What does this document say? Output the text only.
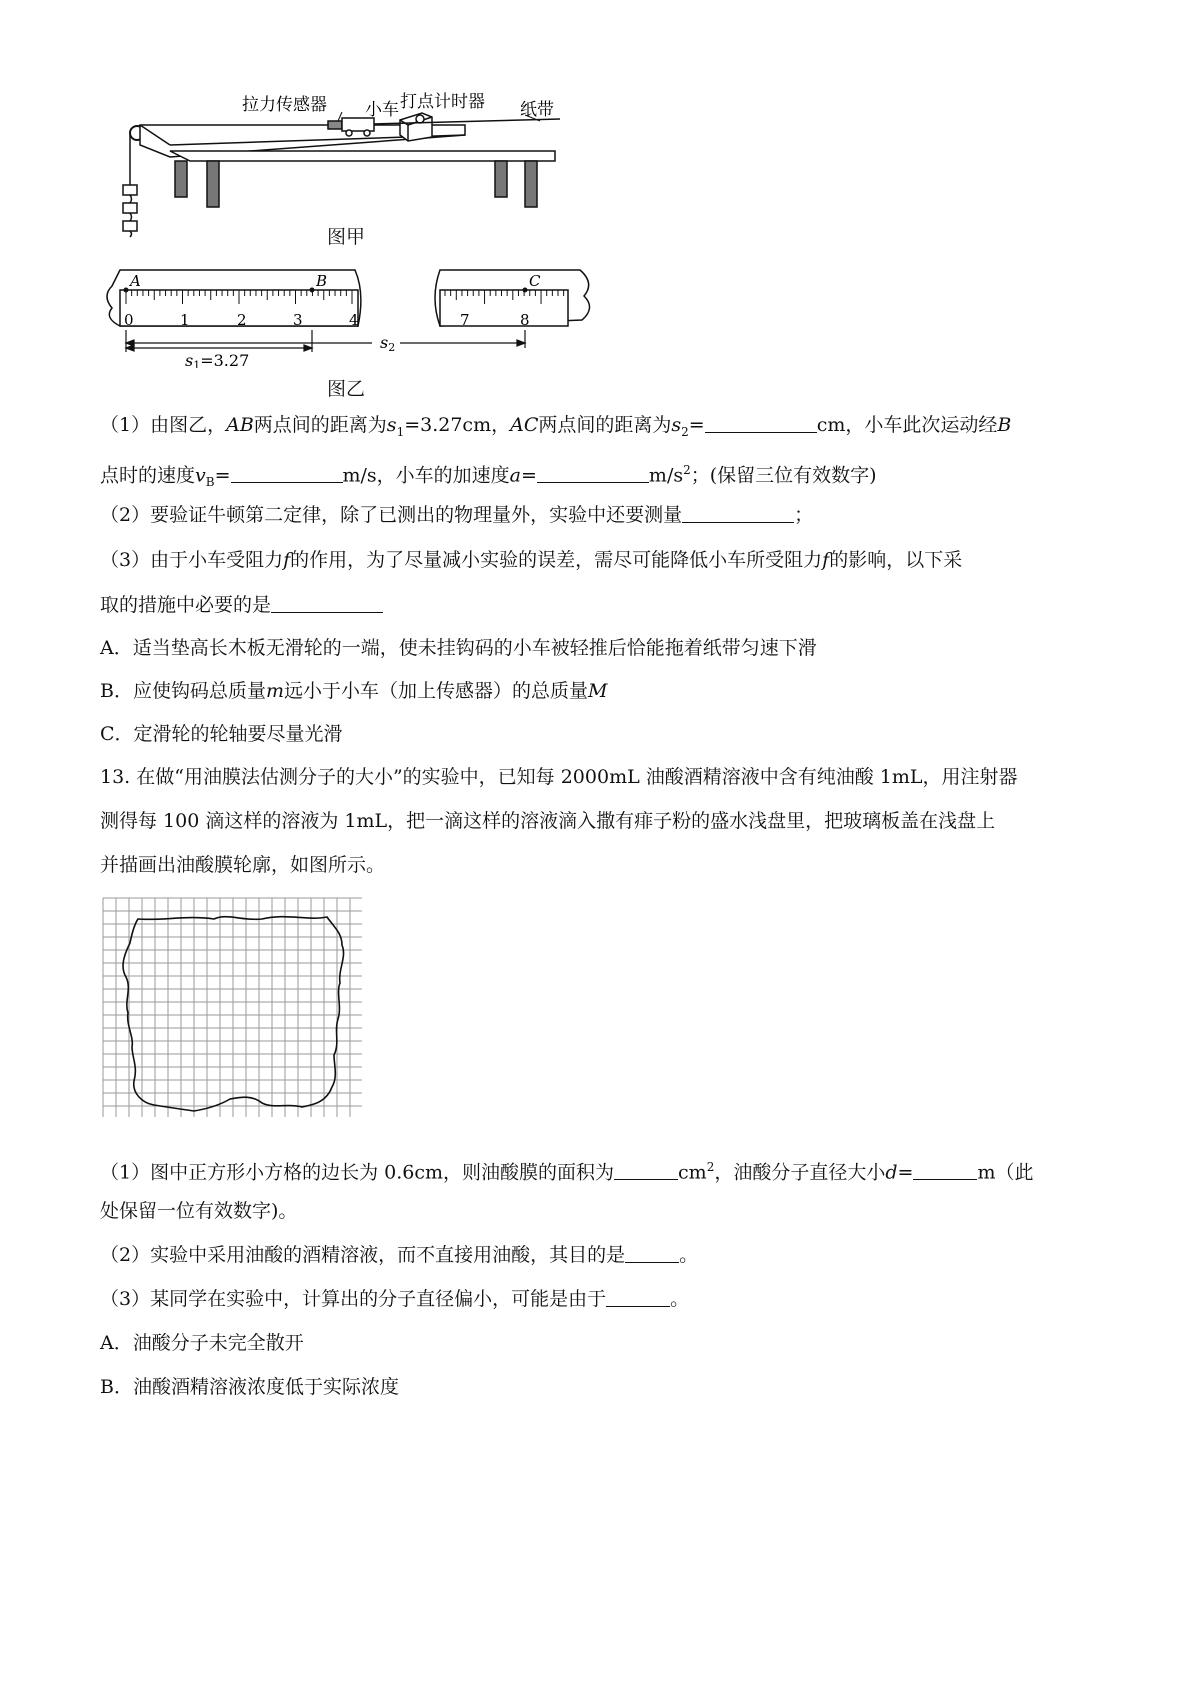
拉力传感器 小车 打点计时器 纸带
图甲
0	1	2	3	4	7	8
A	B	C
s1=3.27
s2
图乙
（1）由图乙，AB两点间的距离为$s_1=3.27cm$，AC两点间的距离为$s_2=$	cm，小车此次运动经B
点时的速度$v_B=$	m/s，小车的加速度a=	$m/s^2$；(保留三位有效数字)
（2）要验证牛顿第二定律，除了已测出的物理量外，实验中还要测量	；
（3）由于小车受阻力f的作用，为了尽量减小实验的误差，需尽可能降低小车所受阻力f的影响，以下采
取的措施中必要的是
A．适当垫高长木板无滑轮的一端，使未挂钩码的小车被轻推后恰能拖着纸带匀速下滑
B．应使钩码总质量m远小于小车（加上传感器）的总质量M
C．定滑轮的轮轴要尽量光滑
13. 在做“用油膜法估测分子的大小”的实验中，已知每 2000mL 油酸酒精溶液中含有纯油酸 1mL，用注射器
测得每 100 滴这样的溶液为 1mL，把一滴这样的溶液滴入撒有痱子粉的盛水浅盘里，把玻璃板盖在浅盘上
并描画出油酸膜轮廓，如图所示。
（1）图中正方形小方格的边长为 0.6cm，则油酸膜的面积为	$cm^2$，油酸分子直径大小d=	m（此
处保留一位有效数字)。
（2）实验中采用油酸的酒精溶液，而不直接用油酸，其目的是	。
（3）某同学在实验中，计算出的分子直径偏小，可能是由于	。
A．油酸分子未完全散开
B．油酸酒精溶液浓度低于实际浓度
